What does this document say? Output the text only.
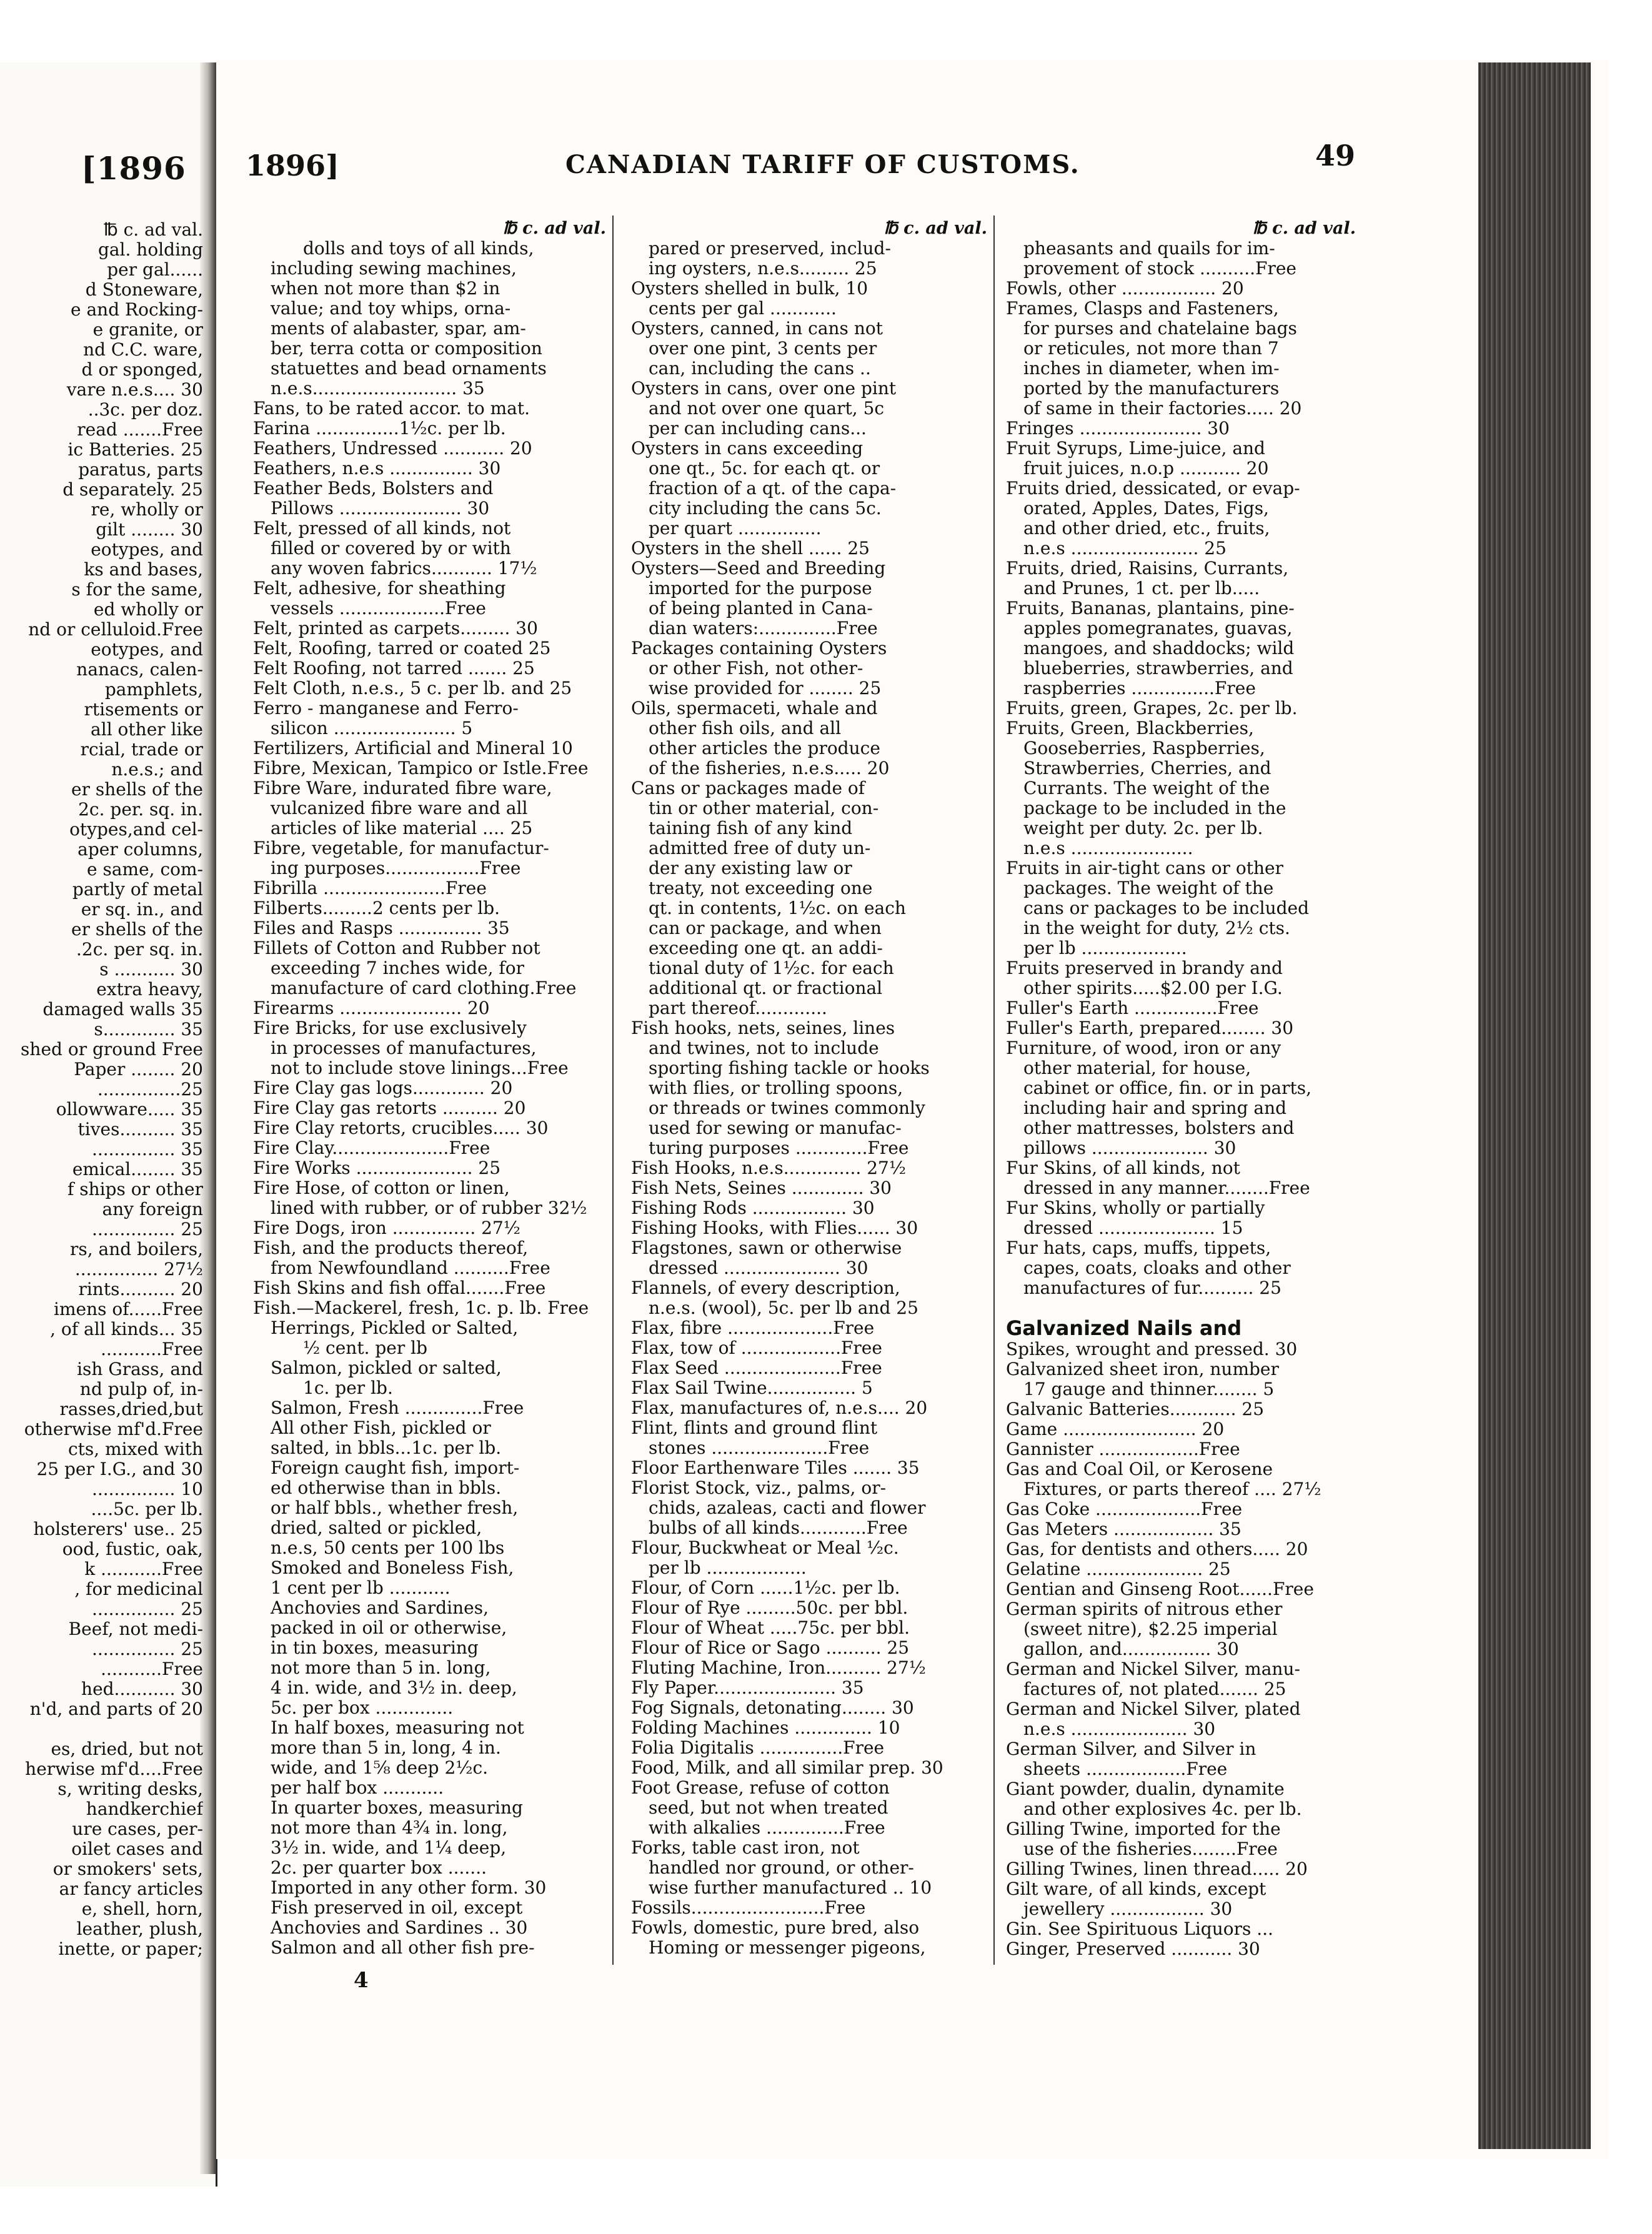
[1896
℔ c. ad val.
gal. holding
per gal......
d Stoneware,
e and Rocking-
e granite, or
nd C.C. ware,
d or sponged,
vare n.e.s.... 30
..3c. per doz.
read .......Free
ic Batteries. 25
paratus, parts
d separately. 25
re, wholly or
gilt ........ 30
eotypes, and
ks and bases,
s for the same,
ed wholly or
nd or celluloid.Free
eotypes, and
nanacs, calen-
pamphlets,
rtisements or
all other like
rcial, trade or
n.e.s.; and
er shells of the
2c. per. sq. in.
otypes,and cel-
aper columns,
e same, com-
partly of metal
er sq. in., and
er shells of the
.2c. per sq. in.
s ........... 30
extra heavy,
damaged walls 35
s............. 35
shed or ground Free
Paper ........ 20
...............25
ollowware..... 35
tives.......... 35
............... 35
emical........ 35
f ships or other
any foreign
............... 25
rs, and boilers,
............... 27½
rints.......... 20
imens of......Free
, of all kinds... 35
...........Free
ish Grass, and
nd pulp of, in-
rasses,dried,but
otherwise mf'd.Free
cts, mixed with
25 per I.G., and 30
............... 10
....5c. per lb.
holsterers' use.. 25
ood, fustic, oak,
k ...........Free
, for medicinal
............... 25
Beef, not medi-
............... 25
...........Free
hed........... 30
n'd, and parts of 20
es, dried, but not
herwise mf'd....Free
s, writing desks,
handkerchief
ure cases, per-
oilet cases and
or smokers' sets,
ar fancy articles
e, shell, horn,
leather, plush,
inette, or paper;
1896]	CANADIAN TARIFF OF CUSTOMS.	49
℔ c. ad val.
dolls and toys of all kinds,
including sewing machines,
when not more than $2 in
value; and toy whips, orna-
ments of alabaster, spar, am-
ber, terra cotta or composition
statuettes and bead ornaments
n.e.s.......................... 35
Fans, to be rated accor. to mat.
Farina ...............1½c. per lb.
Feathers, Undressed ........... 20
Feathers, n.e.s ............... 30
Feather Beds, Bolsters and
Pillows ...................... 30
Felt, pressed of all kinds, not
filled or covered by or with
any woven fabrics........... 17½
Felt, adhesive, for sheathing
vessels ...................Free
Felt, printed as carpets......... 30
Felt, Roofing, tarred or coated 25
Felt Roofing, not tarred ....... 25
Felt Cloth, n.e.s., 5 c. per lb. and 25
Ferro - manganese and Ferro-
silicon ...................... 5
Fertilizers, Artificial and Mineral 10
Fibre, Mexican, Tampico or Istle.Free
Fibre Ware, indurated fibre ware,
vulcanized fibre ware and all
articles of like material .... 25
Fibre, vegetable, for manufactur-
ing purposes.................Free
Fibrilla ......................Free
Filberts.........2 cents per lb.
Files and Rasps ............... 35
Fillets of Cotton and Rubber not
exceeding 7 inches wide, for
manufacture of card clothing.Free
Firearms ...................... 20
Fire Bricks, for use exclusively
in processes of manufactures,
not to include stove linings...Free
Fire Clay gas logs............. 20
Fire Clay gas retorts .......... 20
Fire Clay retorts, crucibles..... 30
Fire Clay.....................Free
Fire Works ..................... 25
Fire Hose, of cotton or linen,
lined with rubber, or of rubber 32½
Fire Dogs, iron ............... 27½
Fish, and the products thereof,
from Newfoundland ..........Free
Fish Skins and fish offal.......Free
Fish.—Mackerel, fresh, 1c. p. lb. Free
Herrings, Pickled or Salted,
½ cent. per lb
Salmon, pickled or salted,
1c. per lb.
Salmon, Fresh ..............Free
All other Fish, pickled or
salted, in bbls...1c. per lb.
Foreign caught fish, import-
ed otherwise than in bbls.
or half bbls., whether fresh,
dried, salted or pickled,
n.e.s, 50 cents per 100 lbs
Smoked and Boneless Fish,
1 cent per lb ...........
Anchovies and Sardines,
packed in oil or otherwise,
in tin boxes, measuring
not more than 5 in. long,
4 in. wide, and 3½ in. deep,
5c. per box ..............
In half boxes, measuring not
more than 5 in, long, 4 in.
wide, and 1⅝ deep 2½c.
per half box ...........
In quarter boxes, measuring
not more than 4¾ in. long,
3½ in. wide, and 1¼ deep,
2c. per quarter box .......
Imported in any other form. 30
Fish preserved in oil, except
Anchovies and Sardines .. 30
Salmon and all other fish pre-
℔ c. ad val.
pared or preserved, includ-
ing oysters, n.e.s......... 25
Oysters shelled in bulk, 10
cents per gal ............
Oysters, canned, in cans not
over one pint, 3 cents per
can, including the cans ..
Oysters in cans, over one pint
and not over one quart, 5c
per can including cans...
Oysters in cans exceeding
one qt., 5c. for each qt. or
fraction of a qt. of the capa-
city including the cans 5c.
per quart ...............
Oysters in the shell ...... 25
Oysters—Seed and Breeding
imported for the purpose
of being planted in Cana-
dian waters:..............Free
Packages containing Oysters
or other Fish, not other-
wise provided for ........ 25
Oils, spermaceti, whale and
other fish oils, and all
other articles the produce
of the fisheries, n.e.s..... 20
Cans or packages made of
tin or other material, con-
taining fish of any kind
admitted free of duty un-
der any existing law or
treaty, not exceeding one
qt. in contents, 1½c. on each
can or package, and when
exceeding one qt. an addi-
tional duty of 1½c. for each
additional qt. or fractional
part thereof.............
Fish hooks, nets, seines, lines
and twines, not to include
sporting fishing tackle or hooks
with flies, or trolling spoons,
or threads or twines commonly
used for sewing or manufac-
turing purposes .............Free
Fish Hooks, n.e.s.............. 27½
Fish Nets, Seines ............. 30
Fishing Rods ................. 30
Fishing Hooks, with Flies...... 30
Flagstones, sawn or otherwise
dressed ..................... 30
Flannels, of every description,
n.e.s. (wool), 5c. per lb and 25
Flax, fibre ...................Free
Flax, tow of ..................Free
Flax Seed .....................Free
Flax Sail Twine................ 5
Flax, manufactures of, n.e.s.... 20
Flint, flints and ground flint
stones .....................Free
Floor Earthenware Tiles ....... 35
Florist Stock, viz., palms, or-
chids, azaleas, cacti and flower
bulbs of all kinds............Free
Flour, Buckwheat or Meal ½c.
per lb ..................
Flour, of Corn ......1½c. per lb.
Flour of Rye .........50c. per bbl.
Flour of Wheat .....75c. per bbl.
Flour of Rice or Sago .......... 25
Fluting Machine, Iron.......... 27½
Fly Paper...................... 35
Fog Signals, detonating........ 30
Folding Machines .............. 10
Folia Digitalis ...............Free
Food, Milk, and all similar prep. 30
Foot Grease, refuse of cotton
seed, but not when treated
with alkalies ..............Free
Forks, table cast iron, not
handled nor ground, or other-
wise further manufactured .. 10
Fossils........................Free
Fowls, domestic, pure bred, also
Homing or messenger pigeons,
℔ c. ad val.
pheasants and quails for im-
provement of stock ..........Free
Fowls, other ................. 20
Frames, Clasps and Fasteners,
for purses and chatelaine bags
or reticules, not more than 7
inches in diameter, when im-
ported by the manufacturers
of same in their factories..... 20
Fringes ...................... 30
Fruit Syrups, Lime-juice, and
fruit juices, n.o.p ........... 20
Fruits dried, dessicated, or evap-
orated, Apples, Dates, Figs,
and other dried, etc., fruits,
n.e.s ....................... 25
Fruits, dried, Raisins, Currants,
and Prunes, 1 ct. per lb.....
Fruits, Bananas, plantains, pine-
apples pomegranates, guavas,
mangoes, and shaddocks; wild
blueberries, strawberries, and
raspberries ...............Free
Fruits, green, Grapes, 2c. per lb.
Fruits, Green, Blackberries,
Gooseberries, Raspberries,
Strawberries, Cherries, and
Currants. The weight of the
package to be included in the
weight per duty. 2c. per lb.
n.e.s ......................
Fruits in air-tight cans or other
packages. The weight of the
cans or packages to be included
in the weight for duty, 2½ cts.
per lb ...................
Fruits preserved in brandy and
other spirits.....$2.00 per I.G.
Fuller's Earth ...............Free
Fuller's Earth, prepared........ 30
Furniture, of wood, iron or any
other material, for house,
cabinet or office, fin. or in parts,
including hair and spring and
other mattresses, bolsters and
pillows ..................... 30
Fur Skins, of all kinds, not
dressed in any manner........Free
Fur Skins, wholly or partially
dressed ..................... 15
Fur hats, caps, muffs, tippets,
capes, coats, cloaks and other
manufactures of fur.......... 25
Galvanized Nails and
Spikes, wrought and pressed. 30
Galvanized sheet iron, number
17 gauge and thinner........ 5
Galvanic Batteries............ 25
Game ........................ 20
Gannister ..................Free
Gas and Coal Oil, or Kerosene
Fixtures, or parts thereof .... 27½
Gas Coke ...................Free
Gas Meters .................. 35
Gas, for dentists and others..... 20
Gelatine ..................... 25
Gentian and Ginseng Root......Free
German spirits of nitrous ether
(sweet nitre), $2.25 imperial
gallon, and................ 30
German and Nickel Silver, manu-
factures of, not plated....... 25
German and Nickel Silver, plated
n.e.s ..................... 30
German Silver, and Silver in
sheets ..................Free
Giant powder, dualin, dynamite
and other explosives 4c. per lb.
Gilling Twine, imported for the
use of the fisheries........Free
Gilling Twines, linen thread..... 20
Gilt ware, of all kinds, except
jewellery ................. 30
Gin. See Spirituous Liquors ...
Ginger, Preserved ........... 30
4
